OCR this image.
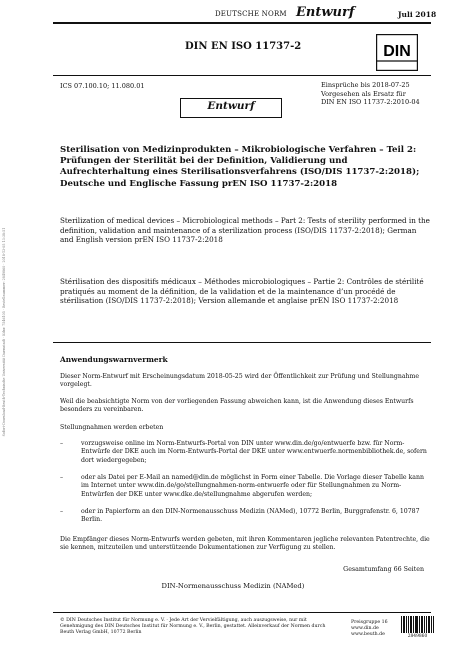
DEUTSCHE NORM Entwurf	Juli 2018
DIN EN ISO 11737-2	DIN
ICS 07.100.10; 11.080.01	Einsprüche bis 2018-07-25
Vorgesehen als Ersatz für
DIN EN ISO 11737-2:2010-04
Entwurf
Sterilisation von Medizinprodukten – Mikrobiologische Verfahren – Teil 2: Prüfungen der Sterilität bei der Definition, Validierung und Aufrechterhaltung eines Sterilisationsverfahrens (ISO/DIS 11737-2:2018); Deutsche und Englische Fassung prEN ISO 11737-2:2018
Sterilization of medical devices – Microbiological methods – Part 2: Tests of sterility performed in the definition, validation and maintenance of a sterilization process (ISO/DIS 11737-2:2018); German and English version prEN ISO 11737-2:2018
Stérilisation des dispositifs médicaux – Méthodes microbiologiques – Partie 2: Contrôles de stérilité pratiqués au moment de la définition, de la validation et de la maintenance d’un procédé de stérilisation (ISO/DIS 11737-2:2018); Version allemande et anglaise prEN ISO 11737-2:2018
Anwendungswarnvermerk
Dieser Norm-Entwurf mit Erscheinungsdatum 2018-05-25 wird der Öffentlichkeit zur Prüfung und Stellungnahme vorgelegt.
Weil die beabsichtigte Norm von der vorliegenden Fassung abweichen kann, ist die Anwendung dieses Entwurfs besonders zu vereinbaren.
Stellungnahmen werden erbeten
–	vorzugsweise online im Norm-Entwurfs-Portal von DIN unter www.din.de/go/entwuerfe bzw. für Norm-Entwürfe der DKE auch im Norm-Entwurfs-Portal der DKE unter www.entwuerfe.normenbibliothek.de, sofern dort wiedergegeben;
–	oder als Datei per E-Mail an named@din.de möglichst in Form einer Tabelle. Die Vorlage dieser Tabelle kann im Internet unter www.din.de/go/stellungnahmen-norm-entwuerfe oder für Stellungnahmen zu Norm-Entwürfen der DKE unter www.dke.de/stellungnahme abgerufen werden;
–	oder in Papierform an den DIN-Normenausschuss Medizin (NAMed), 10772 Berlin, Burggrafenstr. 6, 10787 Berlin.
Die Empfänger dieses Norm-Entwurfs werden gebeten, mit ihren Kommentaren jegliche relevanten Patentrechte, die sie kennen, mitzuteilen und unterstützende Dokumentationen zur Verfügung zu stellen.
Gesamtumfang 66 Seiten
DIN-Normenausschuss Medizin (NAMed)
© DIN Deutsches Institut für Normung e. V. · Jede Art der Vervielfältigung, auch auszugsweise, nur mit Genehmigung des DIN Deutsches Institut für Normung e. V., Berlin, gestattet. Alleinverkauf der Normen durch Beuth Verlag GmbH, 10772 Berlin
Preisgruppe 16
www.din.de
www.beuth.de	2849860
Sofort-Download-Beuth-Technische Universität Darmstadt · Kdnr. 7546105 · Bestellnummer: 2849860 · 2018-12-05 13:38:51
